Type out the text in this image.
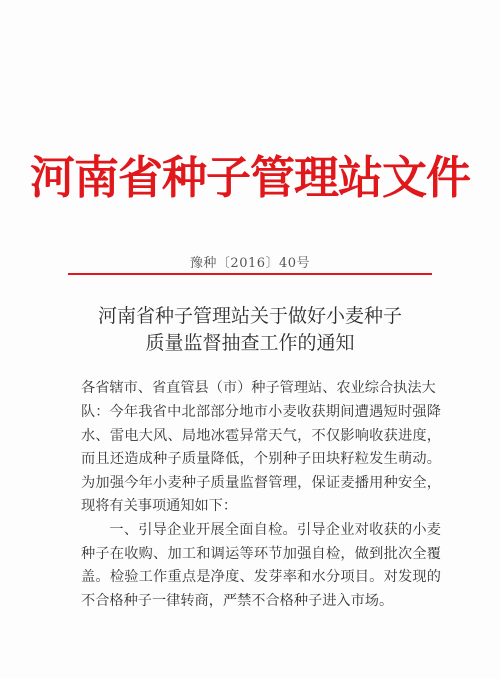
河南省种子管理站文件
豫种〔2016〕40号
河南省种子管理站关于做好小麦种子
质量监督抽查工作的通知
各省辖市、省直管县（市）种子管理站、农业综合执法大队： 今年我省中北部部分地市小麦收获期间遭遇短时强降水、雷电大风、局地冰雹异常天气，不仅影响收获进度，而且还造成种子质量降低，个别种子田块籽粒发生萌动。为加强今年小麦种子质量监督管理，保证麦播用种安全，现将有关事项通知如下：
一、引导企业开展全面自检。引导企业对收获的小麦种子在收购、加工和调运等环节加强自检，做到批次全覆盖。检验工作重点是净度、发芽率和水分项目。对发现的不合格种子一律转商，严禁不合格种子进入市场。
